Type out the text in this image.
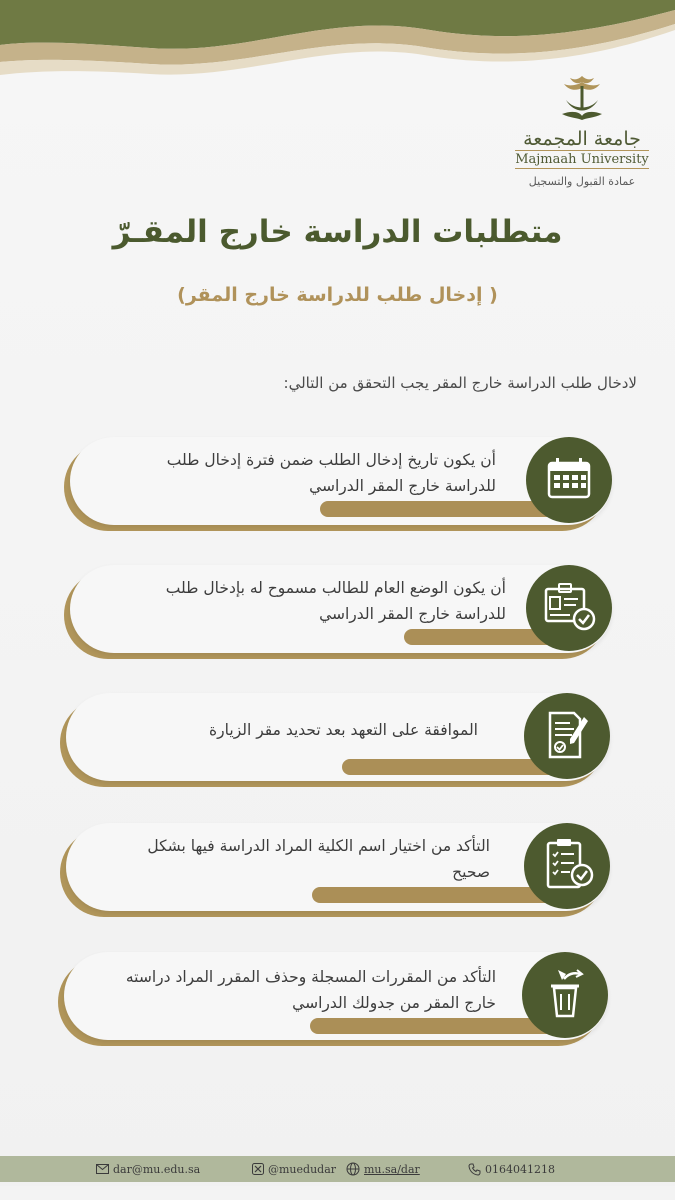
جامعة المجمعة
Majmaah University
عمادة القبول والتسجيل
متطلبات الدراسة خارج المقـرّ
( إدخال طلب للدراسة خارج المقر)
لادخال طلب الدراسة خارج المقر يجب التحقق من التالي:
أن يكون تاريخ إدخال الطلب ضمن فترة إدخال طلب للدراسة خارج المقر الدراسي
أن يكون الوضع العام للطالب مسموح له بإدخال طلب للدراسة خارج المقر الدراسي
الموافقة على التعهد بعد تحديد مقر الزيارة
التأكد من اختيار اسم الكلية المراد الدراسة فيها بشكل صحيح
التأكد من المقررات المسجلة وحذف المقرر المراد دراسته خارج المقر من جدولك الدراسي
dar@mu.edu.sa	@muedudar	mu.sa/dar	0164041218
